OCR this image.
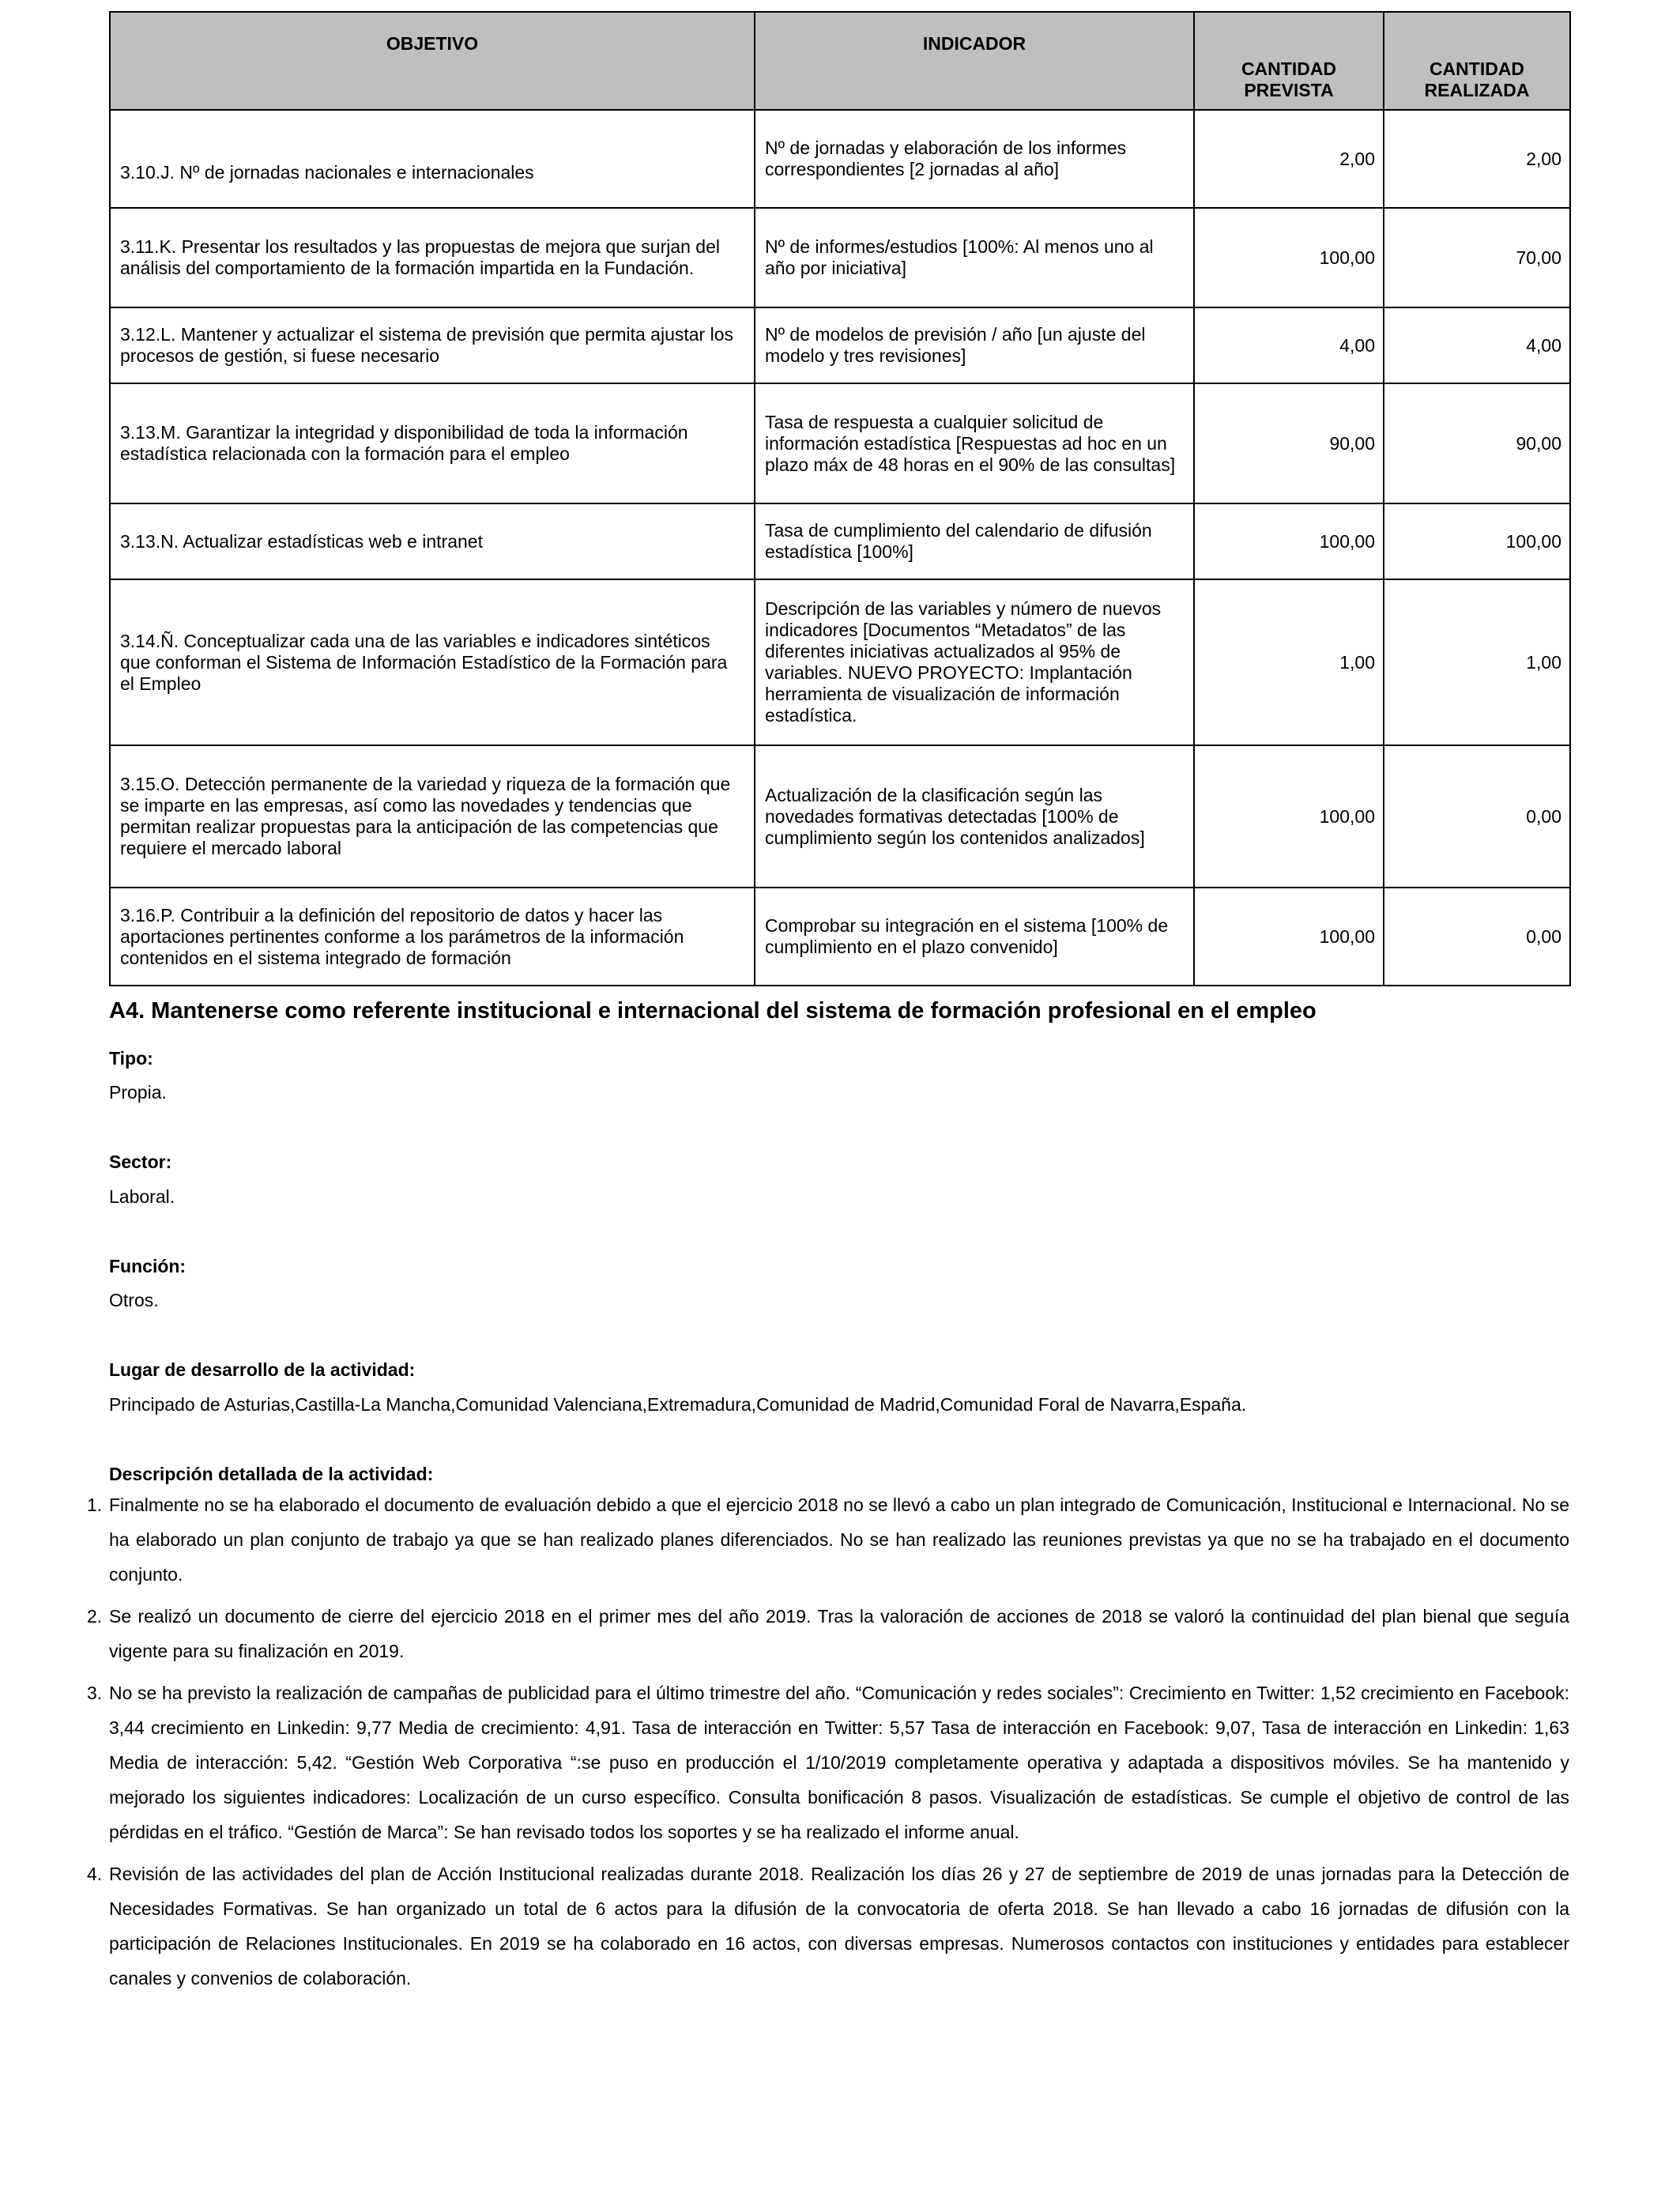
OBJETIVO	INDICADOR	CANTIDAD PREVISTA	CANTIDAD REALIZADA
3.10.J. Nº de jornadas nacionales e internacionales	Nº de jornadas y elaboración de los informes correspondientes [2 jornadas al año]	2,00	2,00
3.11.K. Presentar los resultados y las propuestas de mejora que surjan del análisis del comportamiento de la formación impartida en la Fundación.	Nº de informes/estudios [100%: Al menos uno al año por iniciativa]	100,00	70,00
3.12.L. Mantener y actualizar el sistema de previsión que permita ajustar los procesos de gestión, si fuese necesario	Nº de modelos de previsión / año [un ajuste del modelo y tres revisiones]	4,00	4,00
3.13.M. Garantizar la integridad y disponibilidad de toda la información estadística relacionada con la formación para el empleo	Tasa de respuesta a cualquier solicitud de información estadística [Respuestas ad hoc en un plazo máx de 48 horas en el 90% de las consultas]	90,00	90,00
3.13.N. Actualizar estadísticas web e intranet	Tasa de cumplimiento del calendario de difusión estadística [100%]	100,00	100,00
3.14.Ñ. Conceptualizar cada una de las variables e indicadores sintéticos que conforman el Sistema de Información Estadístico de la Formación para el Empleo	Descripción de las variables y número de nuevos indicadores [Documentos “Metadatos” de las diferentes iniciativas actualizados al 95% de variables. NUEVO PROYECTO: Implantación herramienta de visualización de información estadística.	1,00	1,00
3.15.O. Detección permanente de la variedad y riqueza de la formación que se imparte en las empresas, así como las novedades y tendencias que permitan realizar propuestas para la anticipación de las competencias que requiere el mercado laboral	Actualización de la clasificación según las novedades formativas detectadas [100% de cumplimiento según los contenidos analizados]	100,00	0,00
3.16.P. Contribuir a la definición del repositorio de datos y hacer las aportaciones pertinentes conforme a los parámetros de la información contenidos en el sistema integrado de formación	Comprobar su integración en el sistema [100% de cumplimiento en el plazo convenido]	100,00	0,00
A4. Mantenerse como referente institucional e internacional del sistema de formación profesional en el empleo
Tipo:
Propia.
Sector:
Laboral.
Función:
Otros.
Lugar de desarrollo de la actividad:
Principado de Asturias,Castilla-La Mancha,Comunidad Valenciana,Extremadura,Comunidad de Madrid,Comunidad Foral de Navarra,España.
Descripción detallada de la actividad:
1. Finalmente no se ha elaborado el documento de evaluación debido a que el ejercicio 2018 no se llevó a cabo un plan integrado de Comunicación, Institucional e Internacional. No se ha elaborado un plan conjunto de trabajo ya que se han realizado planes diferenciados. No se han realizado las reuniones previstas ya que no se ha trabajado en el documento conjunto.
2. Se realizó un documento de cierre del ejercicio 2018 en el primer mes del año 2019. Tras la valoración de acciones de 2018 se valoró la continuidad del plan bienal que seguía vigente para su finalización en 2019.
3. No se ha previsto la realización de campañas de publicidad para el último trimestre del año. “Comunicación y redes sociales”: Crecimiento en Twitter: 1,52 crecimiento en Facebook: 3,44 crecimiento en Linkedin: 9,77 Media de crecimiento: 4,91. Tasa de interacción en Twitter: 5,57 Tasa de interacción en Facebook: 9,07, Tasa de interacción en Linkedin: 1,63 Media de interacción: 5,42. “Gestión Web Corporativa “:se puso en producción el 1/10/2019 completamente operativa y adaptada a dispositivos móviles. Se ha mantenido y mejorado los siguientes indicadores: Localización de un curso específico. Consulta bonificación 8 pasos. Visualización de estadísticas. Se cumple el objetivo de control de las pérdidas en el tráfico. “Gestión de Marca”: Se han revisado todos los soportes y se ha realizado el informe anual.
4. Revisión de las actividades del plan de Acción Institucional realizadas durante 2018. Realización los días 26 y 27 de septiembre de 2019 de unas jornadas para la Detección de Necesidades Formativas. Se han organizado un total de 6 actos para la difusión de la convocatoria de oferta 2018. Se han llevado a cabo 16 jornadas de difusión con la participación de Relaciones Institucionales. En 2019 se ha colaborado en 16 actos, con diversas empresas. Numerosos contactos con instituciones y entidades para establecer canales y convenios de colaboración.
